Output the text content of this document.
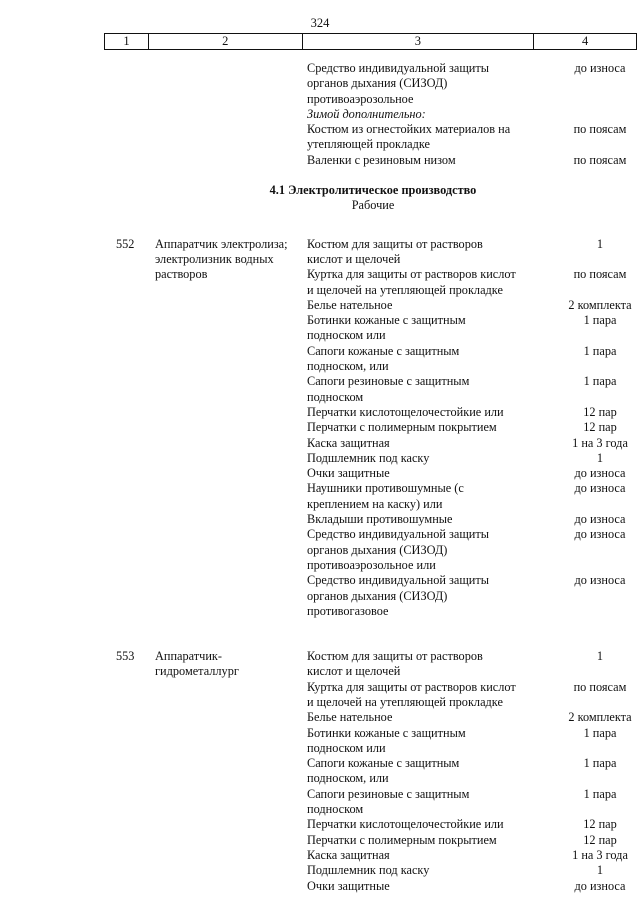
324
1	2	3	4
Средство индивидуальной защиты	до износа
органов дыхания (СИЗОД)
противоаэрозольное
Зимой дополнительно:
Костюм из огнестойких материалов на	по поясам
утепляющей прокладке
Валенки с резиновым низом	по поясам
4.1 Электролитическое производство
Рабочие
552	Аппаратчик электролиза;	Костюм для защиты от растворов	1
электролизник водных	кислот и щелочей
растворов	Куртка для защиты от растворов кислот	по поясам
и щелочей на утепляющей прокладке
Белье нательное	2 комплекта
Ботинки кожаные с защитным	1 пара
подноском или
Сапоги кожаные с защитным	1 пара
подноском, или
Сапоги резиновые с защитным	1 пара
подноском
Перчатки кислотощелочестойкие или	12 пар
Перчатки с полимерным покрытием	12 пар
Каска защитная	1 на 3 года
Подшлемник под каску	1
Очки защитные	до износа
Наушники противошумные (с	до износа
креплением на каску) или
Вкладыши противошумные	до износа
Средство индивидуальной защиты	до износа
органов дыхания (СИЗОД)
противоаэрозольное или
Средство индивидуальной защиты	до износа
органов дыхания (СИЗОД)
противогазовое
553	Аппаратчик-	Костюм для защиты от растворов	1
гидрометаллург	кислот и щелочей
Куртка для защиты от растворов кислот	по поясам
и щелочей на утепляющей прокладке
Белье нательное	2 комплекта
Ботинки кожаные с защитным	1 пара
подноском или
Сапоги кожаные с защитным	1 пара
подноском, или
Сапоги резиновые с защитным	1 пара
подноском
Перчатки кислотощелочестойкие или	12 пар
Перчатки с полимерным покрытием	12 пар
Каска защитная	1 на 3 года
Подшлемник под каску	1
Очки защитные	до износа
